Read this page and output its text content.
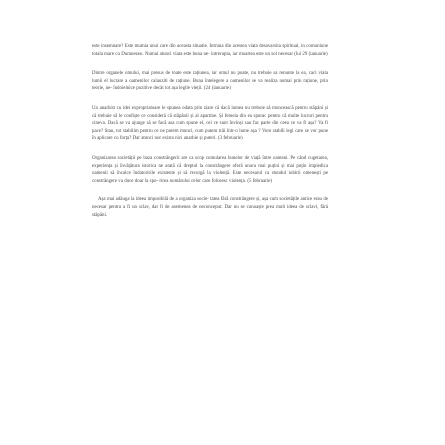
este insemnare? Este mumia unui care din aceasta situatie. Intruna din acestea viata desavarsita spiritual, in comuniune totala mare cu Dumnezeu. Numai atunci viata este buna ne- intrerupta, iar moartea este un sol necesar (lui 29 (ianuarie)

Dintre organele omului, mai presus de toate este rațiunea, iar omul nu poate, nu trebuie sa renunte la ea, caci viata lumii el lucrare a oamenilor calauziti de rațiune. Buna întelegere a oamenilor se va realiza numai prin rațiune, prin teorie, ne- îndoielnice pozitive decât tot așa legile vieții. (24 (ianuarie)

Un anarhist cu idei expropriatoare le spunea odata prin ziare că dacă lumea nu trebuie să muncească pentru stăpâni și că trebuie să le confiște ce consideră că stăpânii și al apartine. Și femeia din ea spune: pentru că multe lucruri pentru cineva. Dacă se va ajunge să se facă asa cum spune el, cei ce sunt învinși sau fac parte din ceea ce va fi așa? Va fi pace? Stau, tot stabilim pentru ce ne putem munci, cum putem trăi într-o lume așa ? Vom stabili legi care se vor pune în aplicare cu forța? Dar atunci nor exista nici anarhie și puteri. (3 februarie)

Organizarea societății pe baza constrângerii are ca scop cumularea bunelor de viață între oameni. Pe când cugetarea, experiența și învățătura istorica ne arată că dreptul la constrângere oferă unora mai puțini și mai puțin impiedica oamenii să încalce îndatoririle existente și să recurgă la violență. Este necesarul ca stundul iubirii omenești pe constrângere va duce doar la spo- rirea numărului celor care folosesc violența. (5 februarie)

Așa mai adăuga la ideea imposibilă de a organiza socie- tatea fără constrângere și, așa cum societățile antice erau de necesar pentru a fi un sclav, dar fi de asemenea de neconceput. Dar nu se cunoaște prea mult ideea de sclavi, fără stăpâni.
